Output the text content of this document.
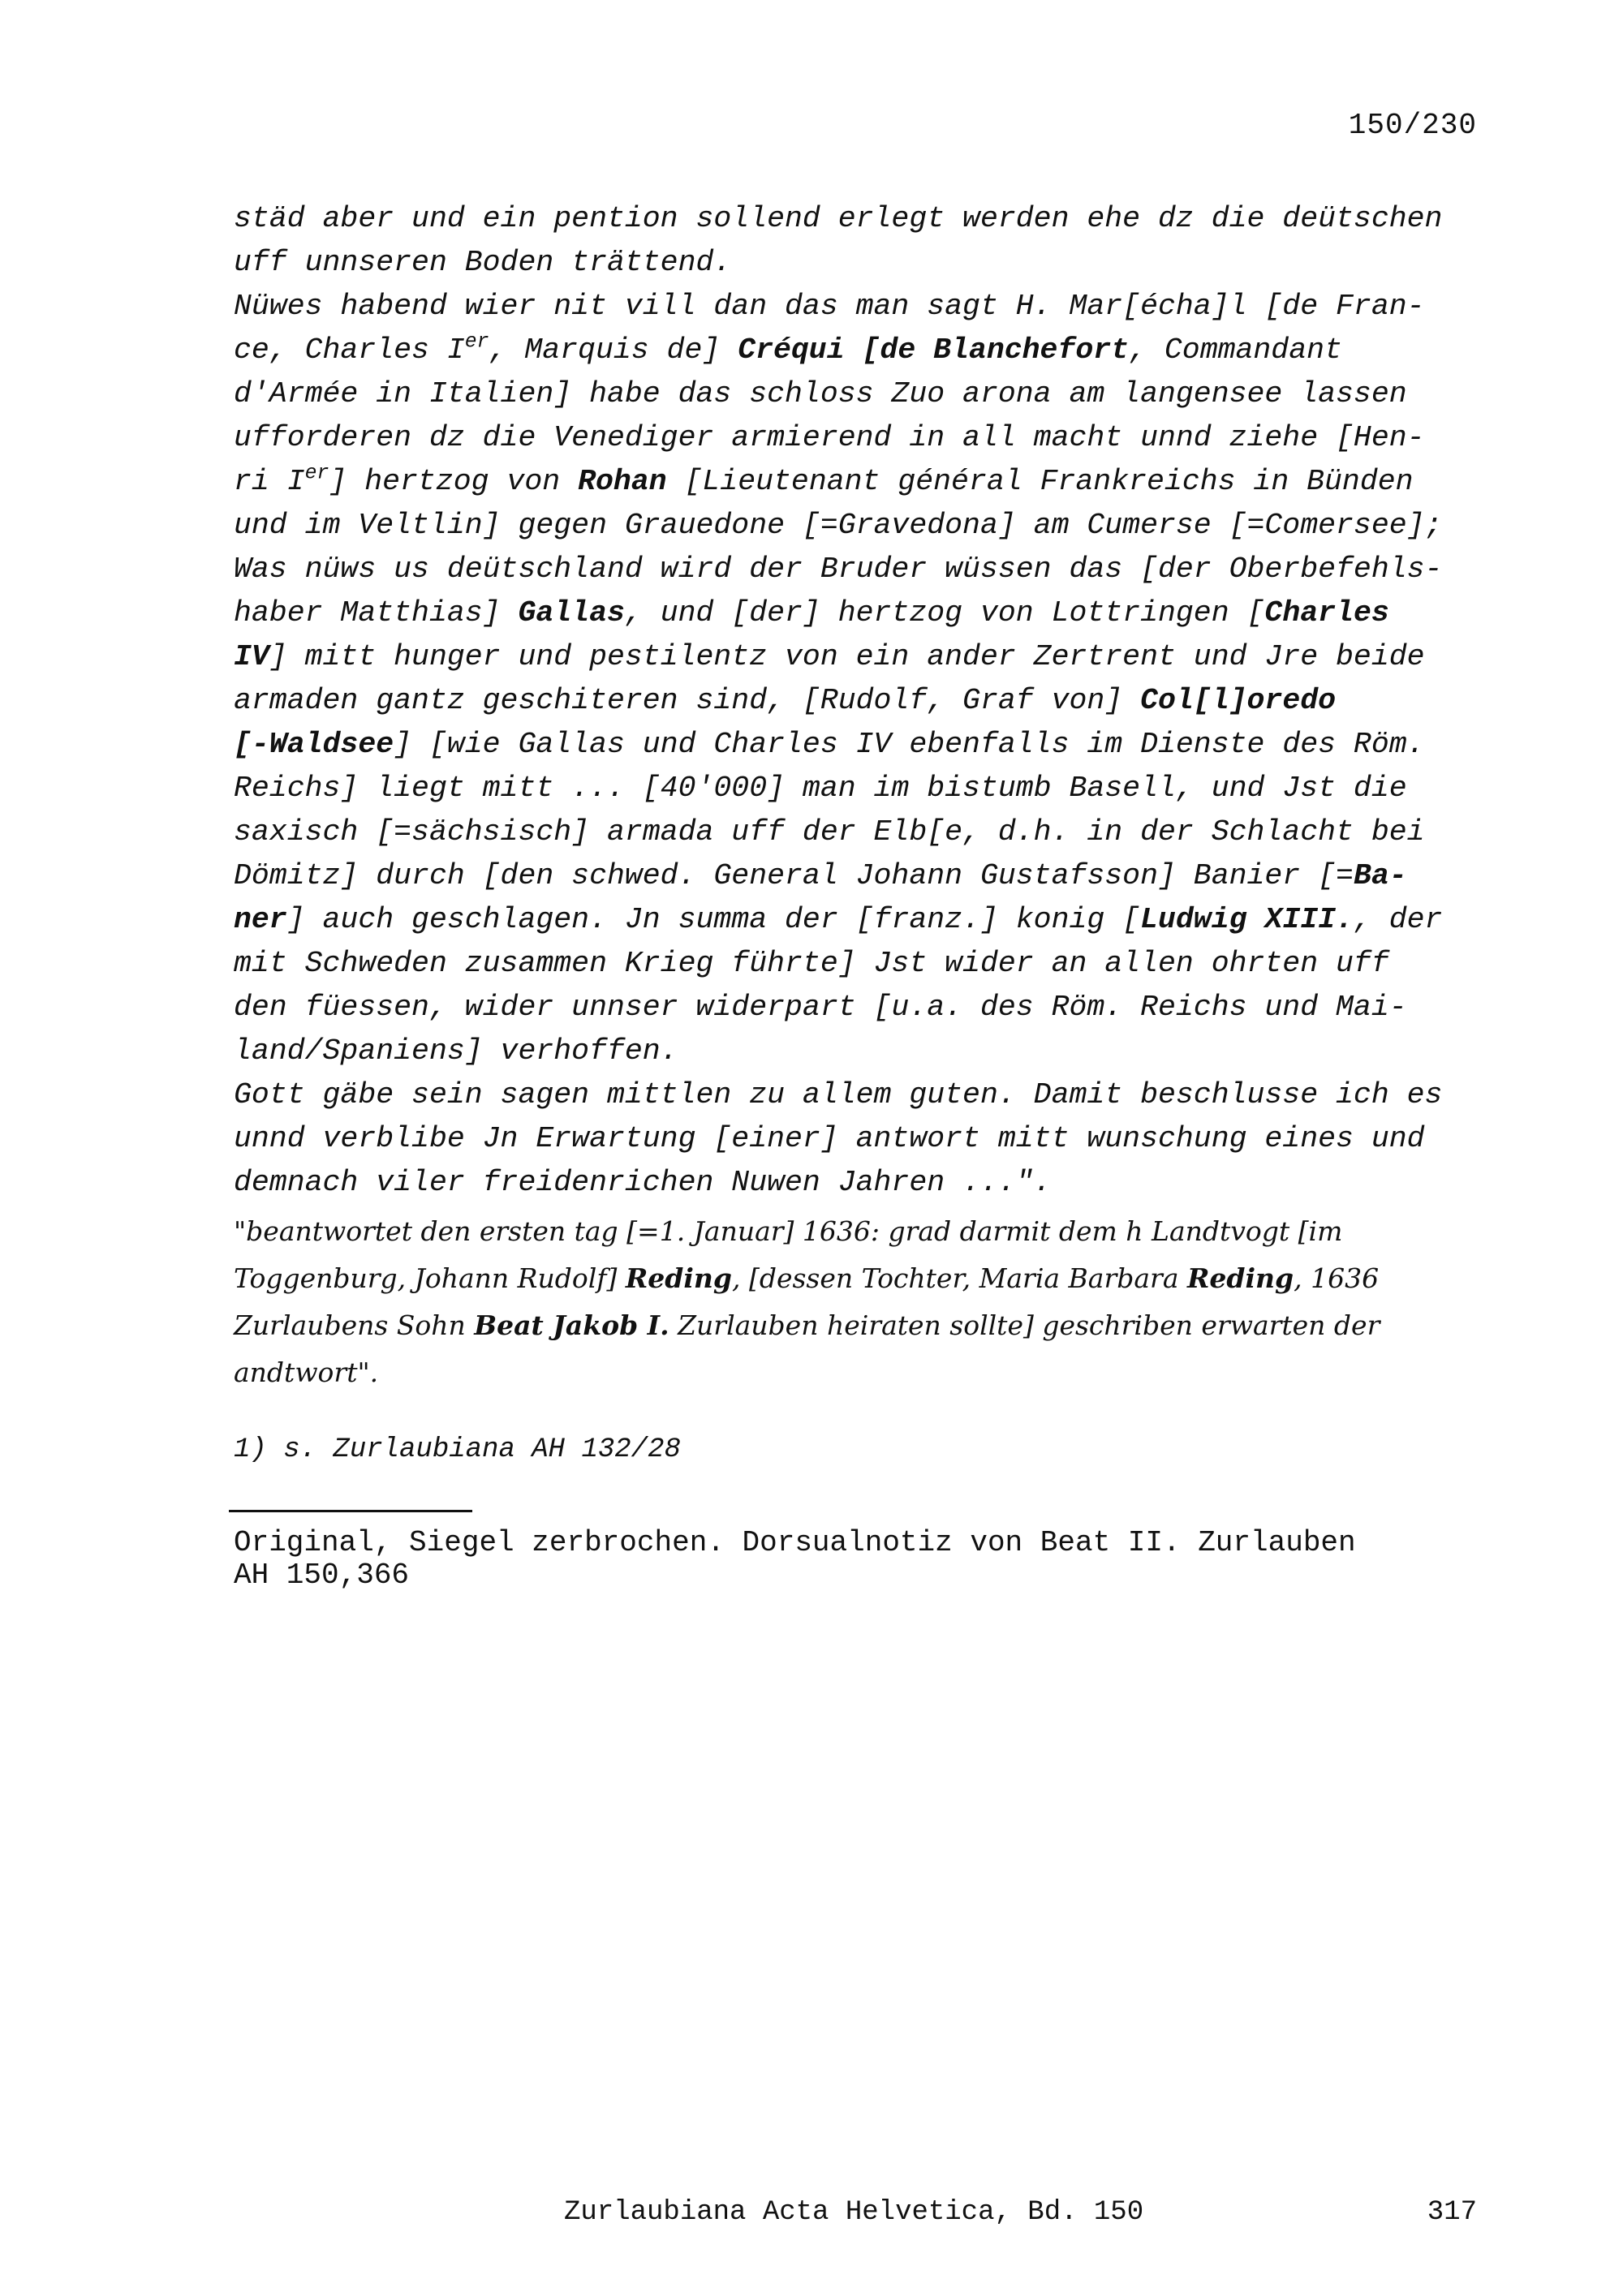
150/230

städ aber und ein pention sollend erlegt werden ehe dz die deütschen

uff unnseren Boden trättend.

Nüwes habend wier nit vill dan das man sagt H. Mar[écha]l [de Fran-

ce, Charles Ier, Marquis de] Créqui [de Blanchefort, Commandant

d'Armée in Italien] habe das schloss Zuo arona am langensee lassen

ufforderen dz die Venediger armierend in all macht unnd ziehe [Hen-

ri Ier] hertzog von Rohan [Lieutenant général Frankreichs in Bünden

und im Veltlin] gegen Grauedone [=Gravedona] am Cumerse [=Comersee];

Was nüws us deütschland wird der Bruder wüssen das [der Oberbefehls-

haber Matthias] Gallas, und [der] hertzog von Lottringen [Charles

IV] mitt hunger und pestilentz von ein ander Zertrent und Jre beide

armaden gantz geschiteren sind, [Rudolf, Graf von] Col[l]oredo

[-Waldsee] [wie Gallas und Charles IV ebenfalls im Dienste des Röm.

Reichs] liegt mitt ... [40'000] man im bistumb Basell, und Jst die

saxisch [=sächsisch] armada uff der Elb[e, d.h. in der Schlacht bei

Dömitz] durch [den schwed. General Johann Gustafsson] Banier [=Ba-

ner] auch geschlagen. Jn summa der [franz.] konig [Ludwig XIII., der

mit Schweden zusammen Krieg führte] Jst wider an allen ohrten uff

den füessen, wider unnser widerpart [u.a. des Röm. Reichs und Mai-

land/Spaniens] verhoffen.

Gott gäbe sein sagen mittlen zu allem guten. Damit beschlusse ich es

unnd verblibe Jn Erwartung [einer] antwort mitt wunschung eines und

demnach viler freidenrichen Nuwen Jahren ...".

"beantwortet den ersten tag [=1. Januar] 1636: grad darmit dem h Landtvogt [im
Toggenburg, Johann Rudolf] Reding, [dessen Tochter, Maria Barbara Reding, 1636
Zurlaubens Sohn Beat Jakob I. Zurlauben heiraten sollte] geschriben erwarten der
andtwort".

1) s. Zurlaubiana AH 132/28
Original, Siegel zerbrochen. Dorsualnotiz von Beat II. Zurlauben
AH 150,366
Zurlaubiana Acta Helvetica, Bd. 150	317
